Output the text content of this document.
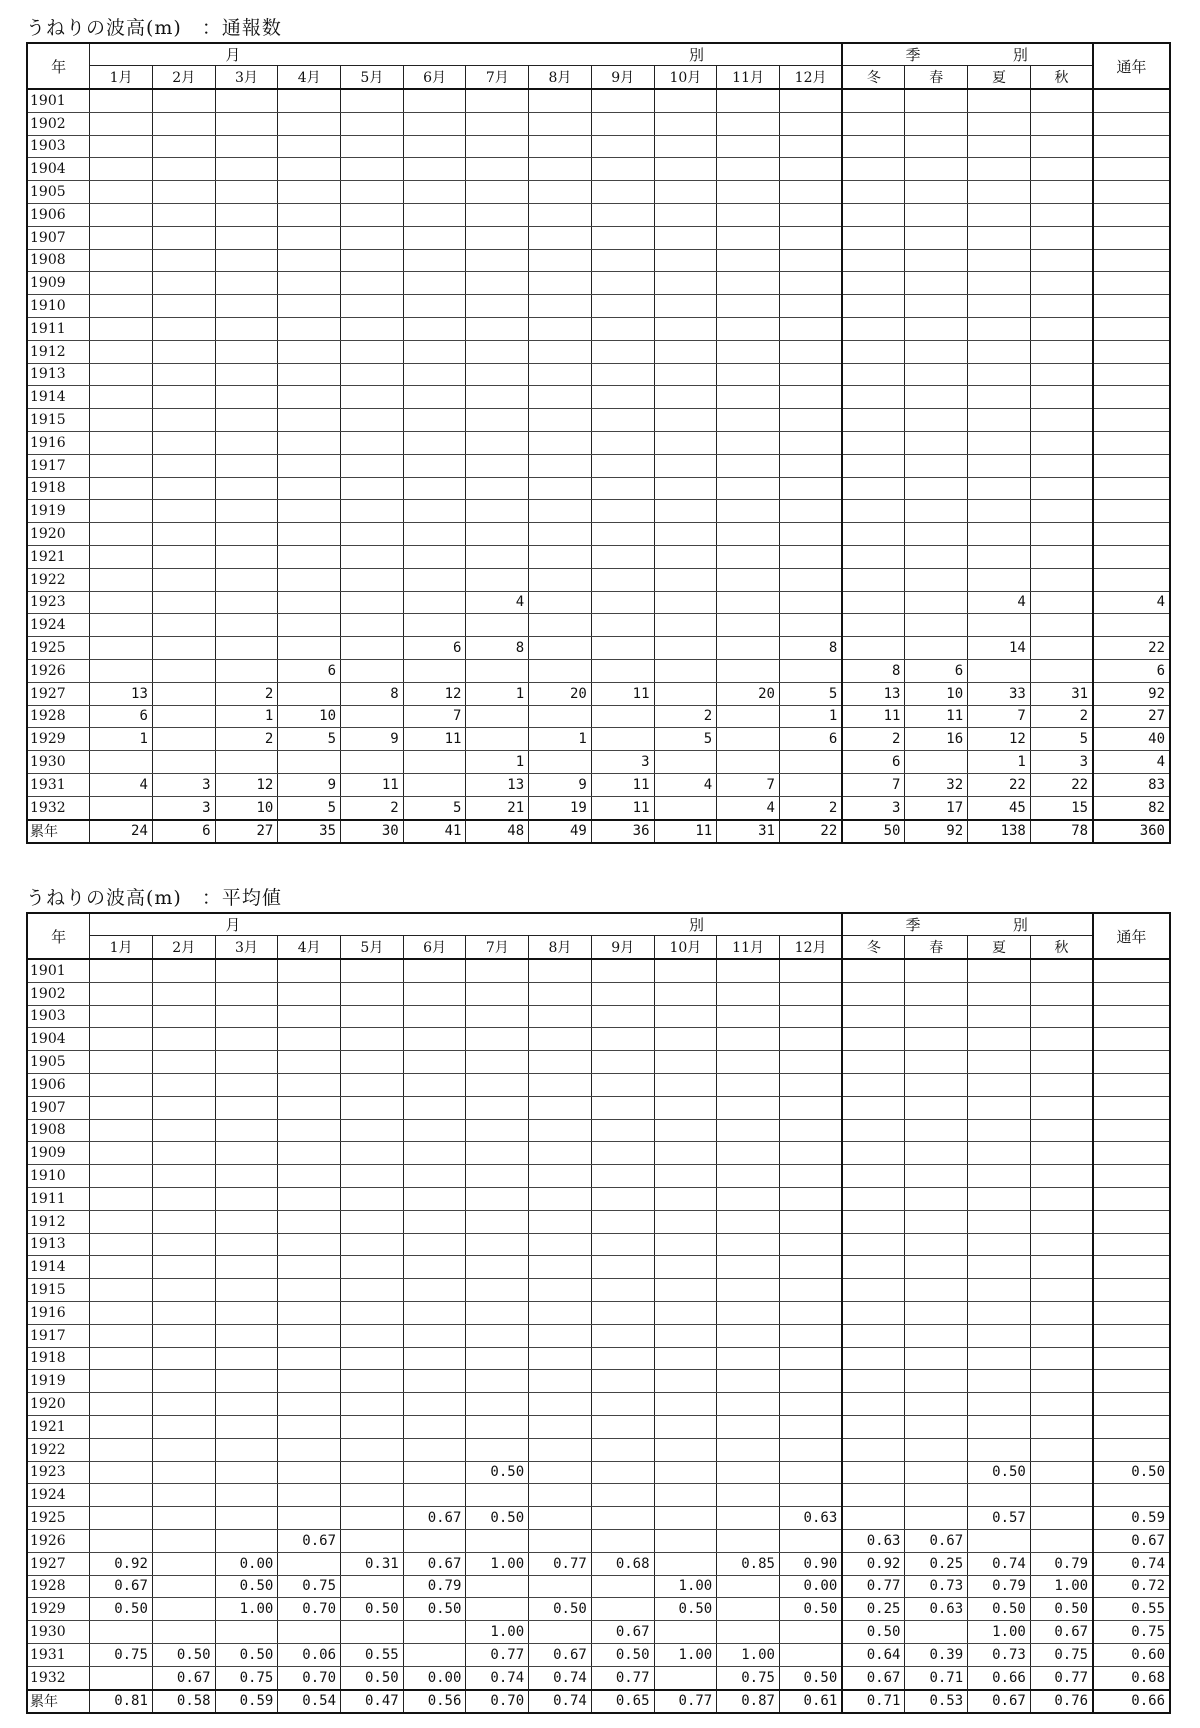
うねりの波高(m)　：通報数
年	月 別												季 別				通年
	1月	2月	3月	4月	5月	6月	7月	8月	9月	10月	11月	12月	冬	春	夏	秋	
1901																	
1902																	
1903																	
1904																	
1905																	
1906																	
1907																	
1908																	
1909																	
1910																	
1911																	
1912																	
1913																	
1914																	
1915																	
1916																	
1917																	
1918																	
1919																	
1920																	
1921																	
1922																	
1923							4								4		4
1924																	
1925						6	8					8			14		22
1926				6									8	6			6
1927	13		2		8	12	1	20	11		20	5	13	10	33	31	92
1928	6		1	10		7				2		1	11	11	7	2	27
1929	1		2	5	9	11		1		5		6	2	16	12	5	40
1930							1		3				6		1	3	4
1931	4	3	12	9	11		13	9	11	4	7		7	32	22	22	83
1932		3	10	5	2	5	21	19	11		4	2	3	17	45	15	82
累年	24	6	27	35	30	41	48	49	36	11	31	22	50	92	138	78	360
うねりの波高(m)　：平均値
年	月 別												季 別				通年
	1月	2月	3月	4月	5月	6月	7月	8月	9月	10月	11月	12月	冬	春	夏	秋	
1901																	
1902																	
1903																	
1904																	
1905																	
1906																	
1907																	
1908																	
1909																	
1910																	
1911																	
1912																	
1913																	
1914																	
1915																	
1916																	
1917																	
1918																	
1919																	
1920																	
1921																	
1922																	
1923							0.50								0.50		0.50
1924																	
1925						0.67	0.50					0.63			0.57		0.59
1926				0.67									0.63	0.67			0.67
1927	0.92		0.00		0.31	0.67	1.00	0.77	0.68		0.85	0.90	0.92	0.25	0.74	0.79	0.74
1928	0.67		0.50	0.75		0.79				1.00		0.00	0.77	0.73	0.79	1.00	0.72
1929	0.50		1.00	0.70	0.50	0.50		0.50		0.50		0.50	0.25	0.63	0.50	0.50	0.55
1930							1.00		0.67				0.50		1.00	0.67	0.75
1931	0.75	0.50	0.50	0.06	0.55		0.77	0.67	0.50	1.00	1.00		0.64	0.39	0.73	0.75	0.60
1932		0.67	0.75	0.70	0.50	0.00	0.74	0.74	0.77		0.75	0.50	0.67	0.71	0.66	0.77	0.68
累年	0.81	0.58	0.59	0.54	0.47	0.56	0.70	0.74	0.65	0.77	0.87	0.61	0.71	0.53	0.67	0.76	0.66
